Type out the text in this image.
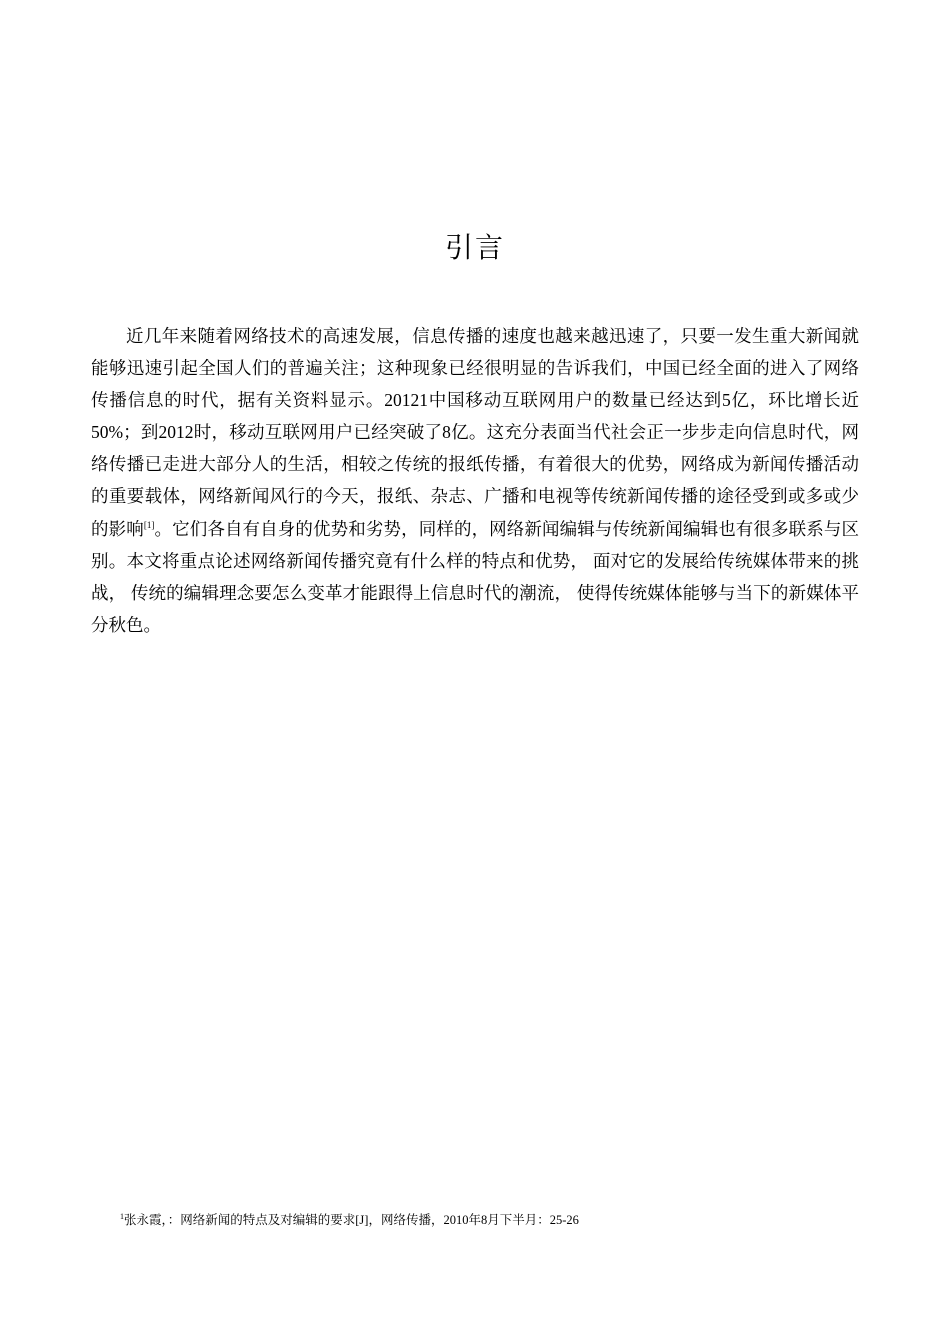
引言

近几年来随着网络技术的高速发展，信息传播的速度也越来越迅速了，只要一发生重大新闻就能够迅速引起全国人们的普遍关注；这种现象已经很明显的告诉我们，中国已经全面的进入了网络传播信息的时代，据有关资料显示。20121中国移动互联网用户的数量已经达到5亿，环比增长近50%；到2012时，移动互联网用户已经突破了8亿。这充分表面当代社会正一步步走向信息时代，网络传播已走进大部分人的生活，相较之传统的报纸传播，有着很大的优势，网络成为新闻传播活动的重要载体，网络新闻风行的今天，报纸、杂志、广播和电视等传统新闻传播的途径受到或多或少的影响[1]。它们各自有自身的优势和劣势，同样的，网络新闻编辑与传统新闻编辑也有很多联系与区别。本文将重点论述网络新闻传播究竟有什么样的特点和优势， 面对它的发展给传统媒体带来的挑战， 传统的编辑理念要怎么变革才能跟得上信息时代的潮流， 使得传统媒体能够与当下的新媒体平分秋色。

$^1$张永霞，：网络新闻的特点及对编辑的要求[J]，网络传播，2010年8月下半月：25-26
